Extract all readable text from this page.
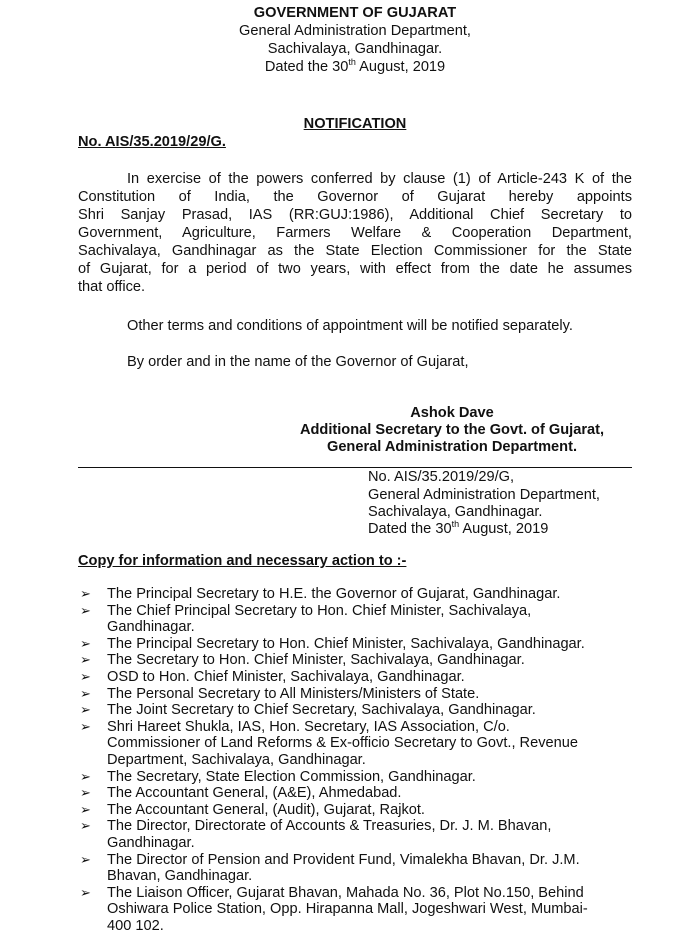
GOVERNMENT OF GUJARAT
General Administration Department,
Sachivalaya, Gandhinagar.
Dated the 30th August, 2019
NOTIFICATION
No. AIS/35.2019/29/G.
In exercise of the powers conferred by clause (1) of Article-243 K of the
Constitution of India, the Governor of Gujarat hereby appoints
Shri Sanjay Prasad, IAS (RR:GUJ:1986), Additional Chief Secretary to
Government, Agriculture, Farmers Welfare & Cooperation Department,
Sachivalaya, Gandhinagar as the State Election Commissioner for the State
of Gujarat, for a period of two years, with effect from the date he assumes
that office.
Other terms and conditions of appointment will be notified separately.
By order and in the name of the Governor of Gujarat,
Ashok Dave
Additional Secretary to the Govt. of Gujarat,
General Administration Department.
No. AIS/35.2019/29/G,
General Administration Department,
Sachivalaya, Gandhinagar.
Dated the 30th August, 2019
Copy for information and necessary action to :-
➢	The Principal Secretary to H.E. the Governor of Gujarat, Gandhinagar.
➢	The Chief Principal Secretary to Hon. Chief Minister, Sachivalaya,
Gandhinagar.
➢	The Principal Secretary to Hon. Chief Minister, Sachivalaya, Gandhinagar.
➢	The Secretary to Hon. Chief Minister, Sachivalaya, Gandhinagar.
➢	OSD to Hon. Chief Minister, Sachivalaya, Gandhinagar.
➢	The Personal Secretary to All Ministers/Ministers of State.
➢	The Joint Secretary to Chief Secretary, Sachivalaya, Gandhinagar.
➢	Shri Hareet Shukla, IAS, Hon. Secretary, IAS Association, C/o.
Commissioner of Land Reforms & Ex-officio Secretary to Govt., Revenue
Department, Sachivalaya, Gandhinagar.
➢	The Secretary, State Election Commission, Gandhinagar.
➢	The Accountant General, (A&E), Ahmedabad.
➢	The Accountant General, (Audit), Gujarat, Rajkot.
➢	The Director, Directorate of Accounts & Treasuries, Dr. J. M. Bhavan,
Gandhinagar.
➢	The Director of Pension and Provident Fund, Vimalekha Bhavan, Dr. J.M.
Bhavan, Gandhinagar.
➢	The Liaison Officer, Gujarat Bhavan, Mahada No. 36, Plot No.150, Behind
Oshiwara Police Station, Opp. Hirapanna Mall, Jogeshwari West, Mumbai-
400 102.
